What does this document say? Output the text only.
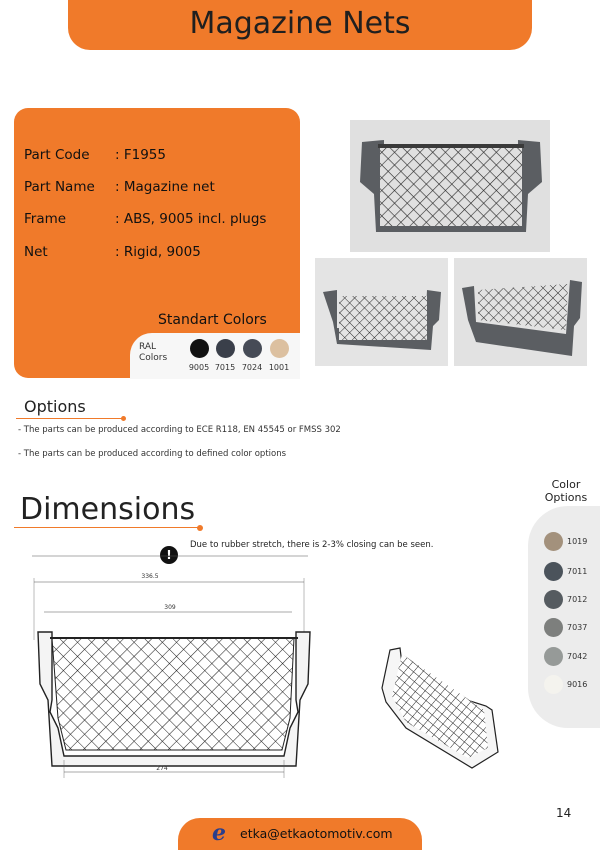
Magazine Nets
Part Code : F1955
Part Name : Magazine net
Frame	: ABS, 9005 incl. plugs
Net	: Rigid, 9005
Standart Colors
RAL Colors
9005 7015 7024 1001
Options
- The parts can be produced according to ECE R118, EN 45545 or FMSS 302
- The parts can be produced according to defined color options
Dimensions
!
Due to rubber stretch, there is 2-3% closing can be seen.
336.5
309
274
Color Options
1019
7011
7012
7037
7042
9016
14
e etka@etkaotomotiv.com
